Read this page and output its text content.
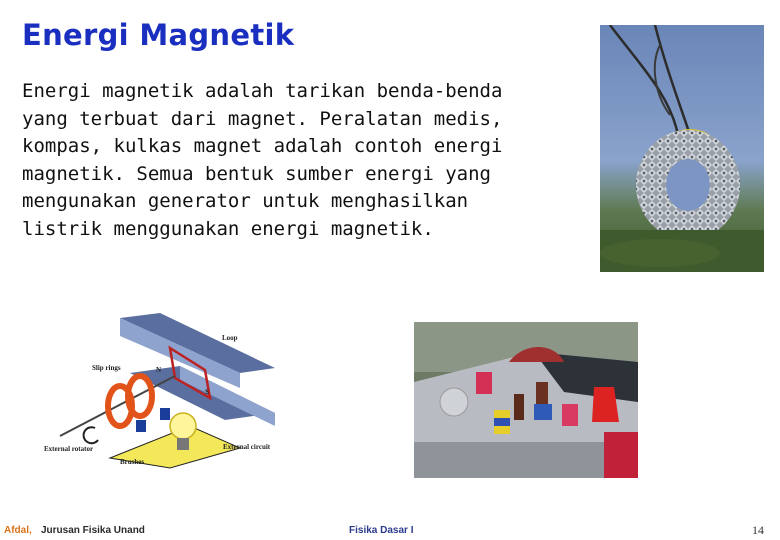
Energi Magnetik
Energi magnetik adalah tarikan benda-benda
yang terbuat dari magnet. Peralatan medis,
kompas, kulkas magnet adalah contoh energi
magnetik. Semua bentuk sumber energi yang
mengunakan generator untuk menghasilkan
listrik menggunakan energi magnetik.
Loop
Slip rings	N
S
External rotator
Brushes
External circuit
Afdal, Jurusan Fisika Unand	Fisika Dasar I	14
